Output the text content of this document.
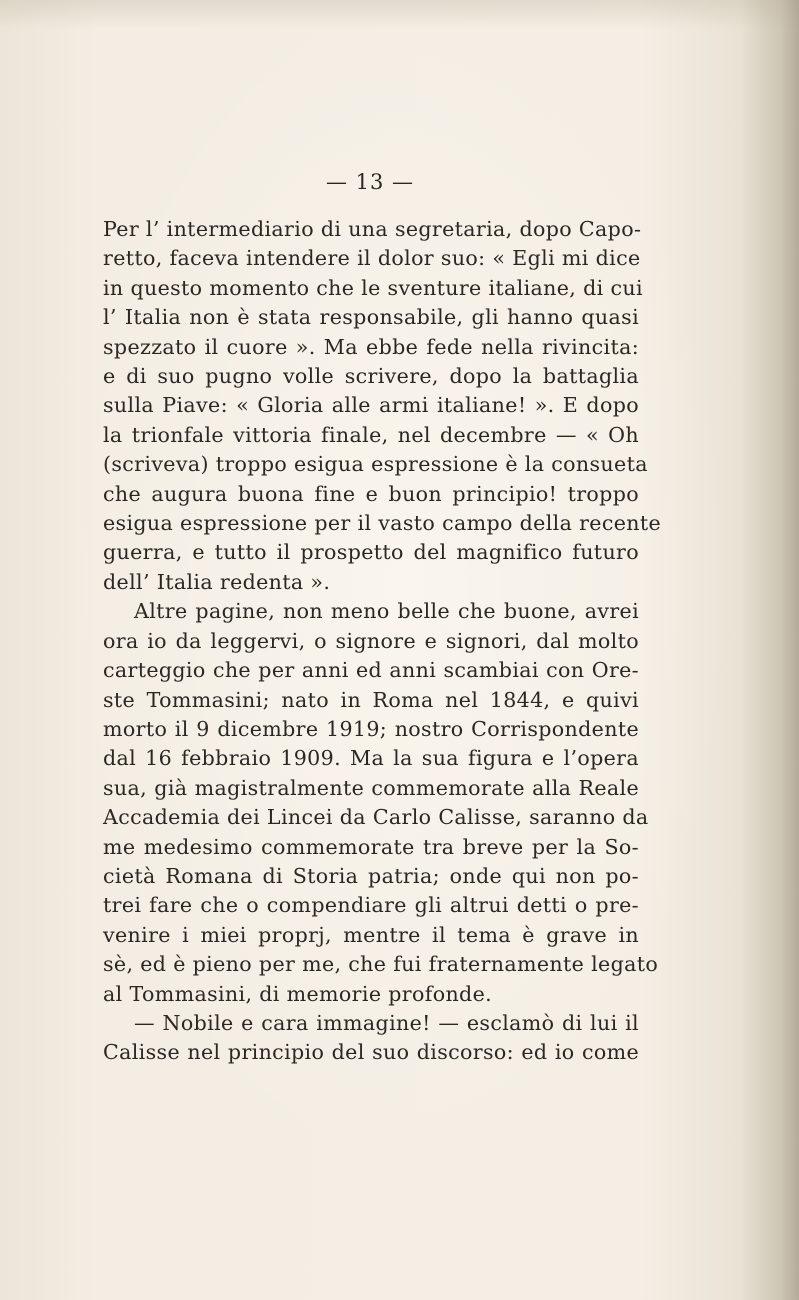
— 13 —
Per l’ intermediario di una segretaria, dopo Capo-
retto, faceva intendere il dolor suo: « Egli mi dice
in questo momento che le sventure italiane, di cui
l’ Italia non è stata responsabile, gli hanno quasi
spezzato il cuore ». Ma ebbe fede nella rivincita:
e di suo pugno volle scrivere, dopo la battaglia
sulla Piave: « Gloria alle armi italiane! ». E dopo
la trionfale vittoria finale, nel decembre — « Oh
(scriveva) troppo esigua espressione è la consueta
che augura buona fine e buon principio! troppo
esigua espressione per il vasto campo della recente
guerra, e tutto il prospetto del magnifico futuro
dell’ Italia redenta ».
Altre pagine, non meno belle che buone, avrei
ora io da leggervi, o signore e signori, dal molto
carteggio che per anni ed anni scambiai con Ore-
ste Tommasini; nato in Roma nel 1844, e quivi
morto il 9 dicembre 1919; nostro Corrispondente
dal 16 febbraio 1909. Ma la sua figura e l’opera
sua, già magistralmente commemorate alla Reale
Accademia dei Lincei da Carlo Calisse, saranno da
me medesimo commemorate tra breve per la So-
cietà Romana di Storia patria; onde qui non po-
trei fare che o compendiare gli altrui detti o pre-
venire i miei proprj, mentre il tema è grave in
sè, ed è pieno per me, che fui fraternamente legato
al Tommasini, di memorie profonde.
— Nobile e cara immagine! — esclamò di lui il
Calisse nel principio del suo discorso: ed io come
